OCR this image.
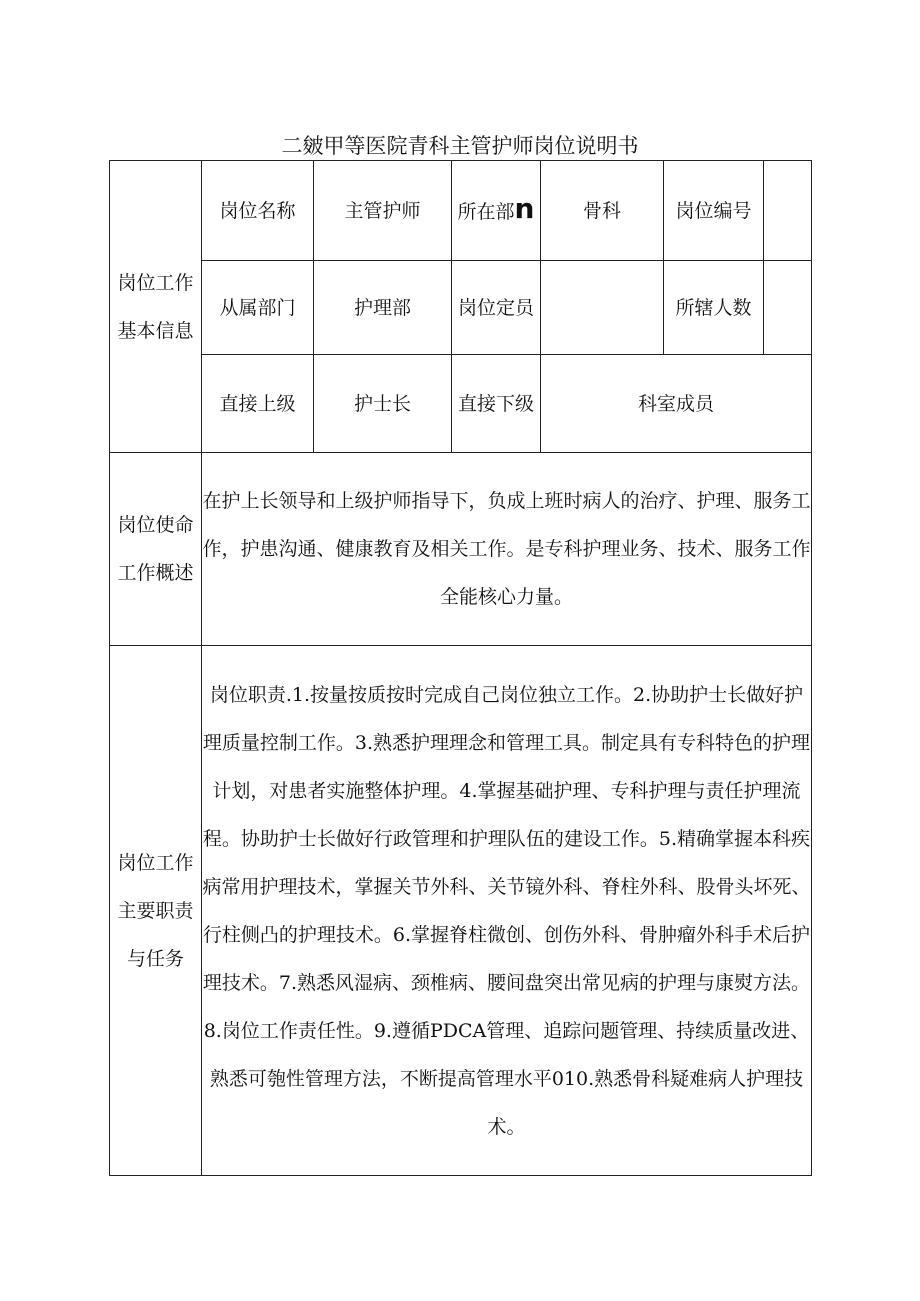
二皴甲等医院青科主管护师岗位说明书
岗位工作基本信息	岗位名称	主管护师	所在部n	骨科	岗位编号	
	从属部门	护理部	岗位定员		所辖人数	
	直接上级	护士长	直接下级	科室成员		
岗位使命工作概述	在护上长领导和上级护师指导下，负成上班时病人的治疗、护理、服务工作，护患沟通、健康教育及相关工作。是专科护理业务、技术、服务工作全能核心力量。					
岗位工作主要职责与任务	岗位职责.1.按量按质按时完成自己岗位独立工作。2.协助护士长做好护理质量控制工作。3.熟悉护理理念和管理工具。制定具有专科特色的护理计划，对患者实施整体护理。4.掌握基础护理、专科护理与责任护理流程。协助护士长做好行政管理和护理队伍的建设工作。5.精确掌握本科疾病常用护理技术，掌握关节外科、关节镜外科、脊柱外科、股骨头坏死、行柱侧凸的护理技术。6.掌握脊柱微创、创伤外科、骨肿瘤外科手术后护理技术。7.熟悉风湿病、颈椎病、腰间盘突出常见病的护理与康熨方法。8.岗位工作责任性。9.遵循PDCA管理、追踪问题管理、持续质量改进、熟悉可匏性管理方法，不断提高管理水平010.熟悉骨科疑难病人护理技术。					
